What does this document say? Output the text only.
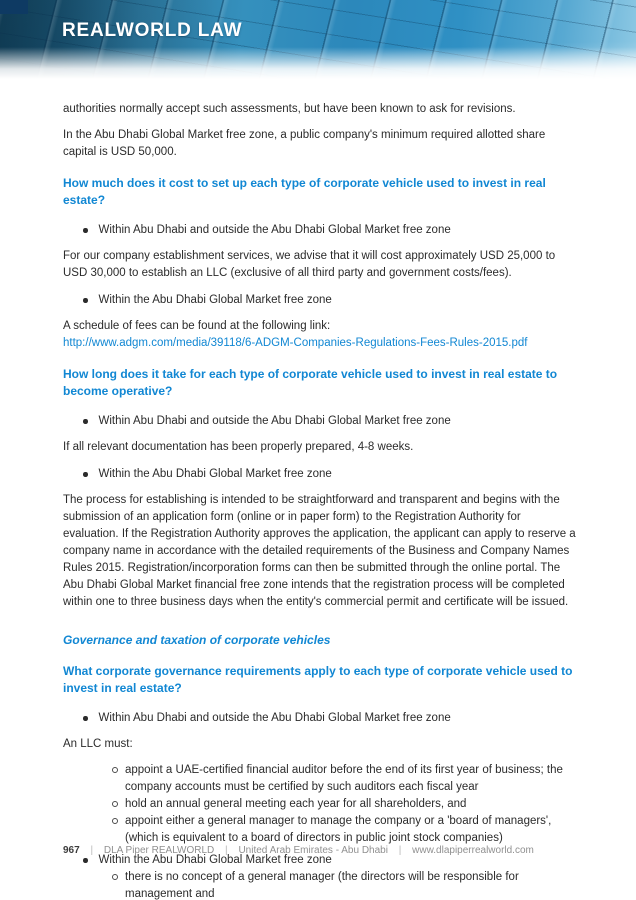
REALWORLD LAW

authorities normally accept such assessments, but have been known to ask for revisions.

In the Abu Dhabi Global Market free zone, a public company's minimum required allotted share capital is USD 50,000.

How much does it cost to set up each type of corporate vehicle used to invest in real estate?
Within Abu Dhabi and outside the Abu Dhabi Global Market free zone

For our company establishment services, we advise that it will cost approximately USD 25,000 to USD 30,000 to establish an LLC (exclusive of all third party and government costs/fees).

Within the Abu Dhabi Global Market free zone

A schedule of fees can be found at the following link:

http://www.adgm.com/media/39118/6-ADGM-Companies-Regulations-Fees-Rules-2015.pdf

How long does it take for each type of corporate vehicle used to invest in real estate to become operative?
Within Abu Dhabi and outside the Abu Dhabi Global Market free zone

If all relevant documentation has been properly prepared, 4-8 weeks.

Within the Abu Dhabi Global Market free zone

The process for establishing is intended to be straightforward and transparent and begins with the submission of an application form (online or in paper form) to the Registration Authority for evaluation. If the Registration Authority approves the application, the applicant can apply to reserve a company name in accordance with the detailed requirements of the Business and Company Names Rules 2015. Registration/incorporation forms can then be submitted through the online portal. The Abu Dhabi Global Market financial free zone intends that the registration process will be completed within one to three business days when the entity's commercial permit and certificate will be issued.

Governance and taxation of corporate vehicles
What corporate governance requirements apply to each type of corporate vehicle used to invest in real estate?
Within Abu Dhabi and outside the Abu Dhabi Global Market free zone

An LLC must:

appoint a UAE-certified financial auditor before the end of its first year of business; the company accounts must be certified by such auditors each fiscal year
hold an annual general meeting each year for all shareholders, and
appoint either a general manager to manage the company or a 'board of managers', (which is equivalent to a board of directors in public joint stock companies)
Within the Abu Dhabi Global Market free zone
there is no concept of a general manager (the directors will be responsible for management and
967 | DLA Piper REALWORLD | United Arab Emirates - Abu Dhabi | www.dlapiperrealworld.com
